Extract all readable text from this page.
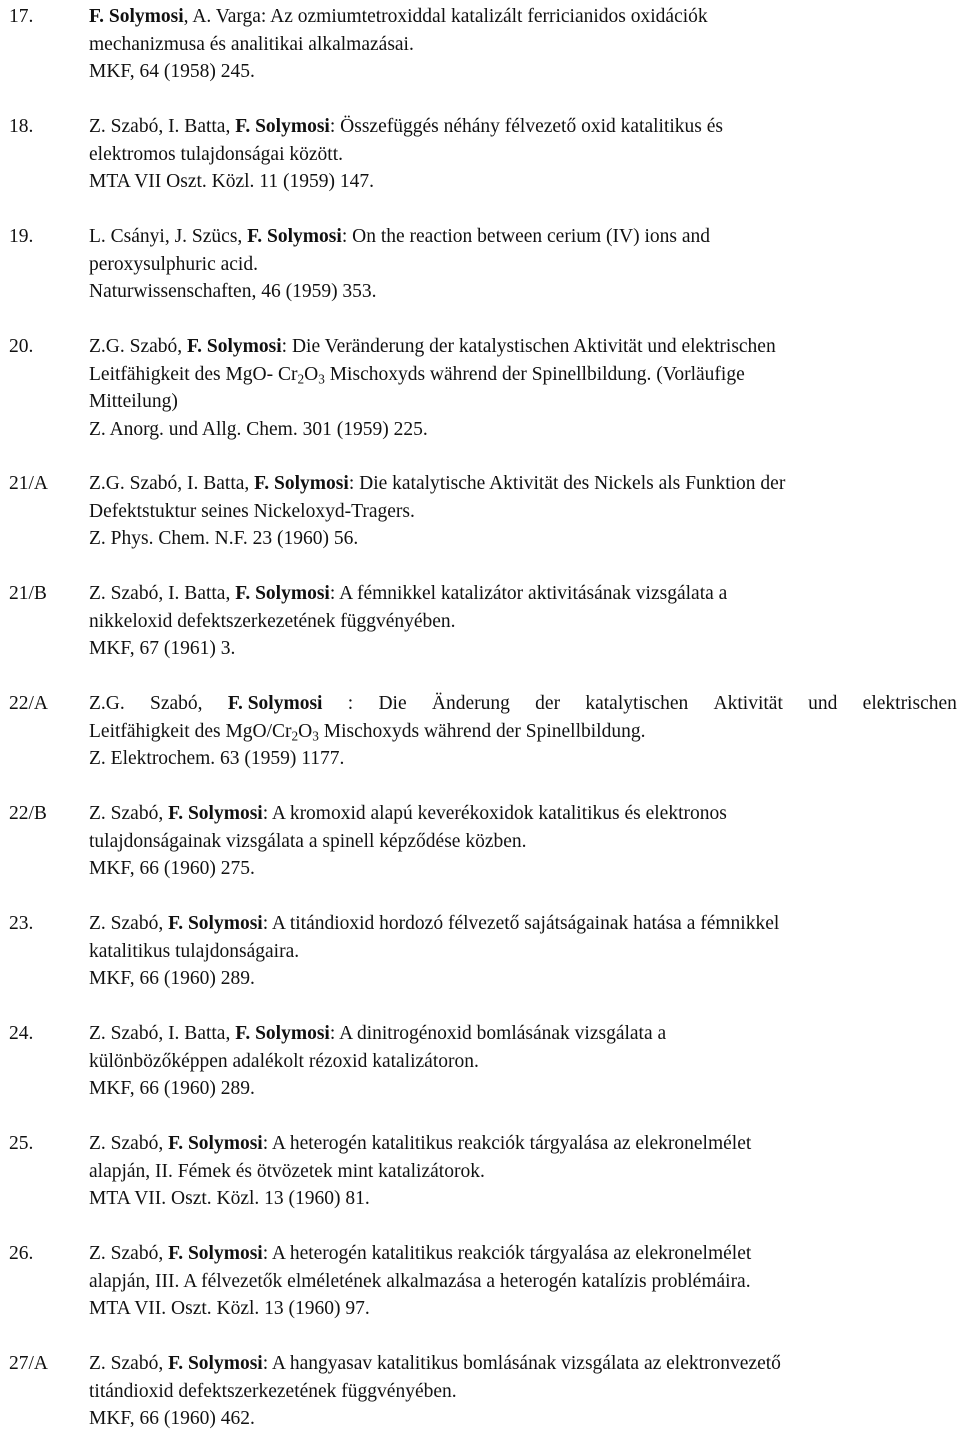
17.	F. Solymosi, A. Varga: Az ozmiumtetroxiddal katalizált ferricianidos oxidációk
mechanizmusa és analitikai alkalmazásai.
MKF, 64 (1958) 245.
18.	Z. Szabó, I. Batta, F. Solymosi: Összefüggés néhány félvezető oxid katalitikus és
elektromos tulajdonságai között.
MTA VII Oszt. Közl. 11 (1959) 147.
19.	L. Csányi, J. Szücs, F. Solymosi: On the reaction between cerium (IV) ions and
peroxysulphuric acid.
Naturwissenschaften, 46 (1959) 353.
20.	Z.G. Szabó, F. Solymosi: Die Veränderung der katalystischen Aktivität und elektrischen
Leitfähigkeit des MgO- $Cr_2O_3$ Mischoxyds während der Spinellbildung. (Vorläufige
Mitteilung)
Z. Anorg. und Allg. Chem. 301 (1959) 225.
21/A Z.G. Szabó, I. Batta, F. Solymosi: Die katalytische Aktivität des Nickels als Funktion der
Defektstuktur seines Nickeloxyd-Tragers.
Z. Phys. Chem. N.F. 23 (1960) 56.
21/B Z. Szabó, I. Batta, F. Solymosi: A fémnikkel katalizátor aktivitásának vizsgálata a
nikkeloxid defektszerkezetének függvényében.
MKF, 67 (1961) 3.
22/A Z.G. Szabó, F. Solymosi : Die Änderung der katalytischen Aktivität und elektrischen
Leitfähigkeit des MgO/$Cr_2O_3$ Mischoxyds während der Spinellbildung.
Z. Elektrochem. 63 (1959) 1177.
22/B Z. Szabó, F. Solymosi: A kromoxid alapú keverékoxidok katalitikus és elektronos
tulajdonságainak vizsgálata a spinell képződése közben.
MKF, 66 (1960) 275.
23.	Z. Szabó, F. Solymosi: A titándioxid hordozó félvezető sajátságainak hatása a fémnikkel
katalitikus tulajdonságaira.
MKF, 66 (1960) 289.
24.	Z. Szabó, I. Batta, F. Solymosi: A dinitrogénoxid bomlásának vizsgálata a
különbözőképpen adalékolt rézoxid katalizátoron.
MKF, 66 (1960) 289.
25.	Z. Szabó, F. Solymosi: A heterogén katalitikus reakciók tárgyalása az elekronelmélet
alapján, II. Fémek és ötvözetek mint katalizátorok.
MTA VII. Oszt. Közl. 13 (1960) 81.
26.	Z. Szabó, F. Solymosi: A heterogén katalitikus reakciók tárgyalása az elekronelmélet
alapján, III. A félvezetők elméletének alkalmazása a heterogén katalízis problémáira.
MTA VII. Oszt. Közl. 13 (1960) 97.
27/A Z. Szabó, F. Solymosi: A hangyasav katalitikus bomlásának vizsgálata az elektronvezető
titándioxid defektszerkezetének függvényében.
MKF, 66 (1960) 462.
